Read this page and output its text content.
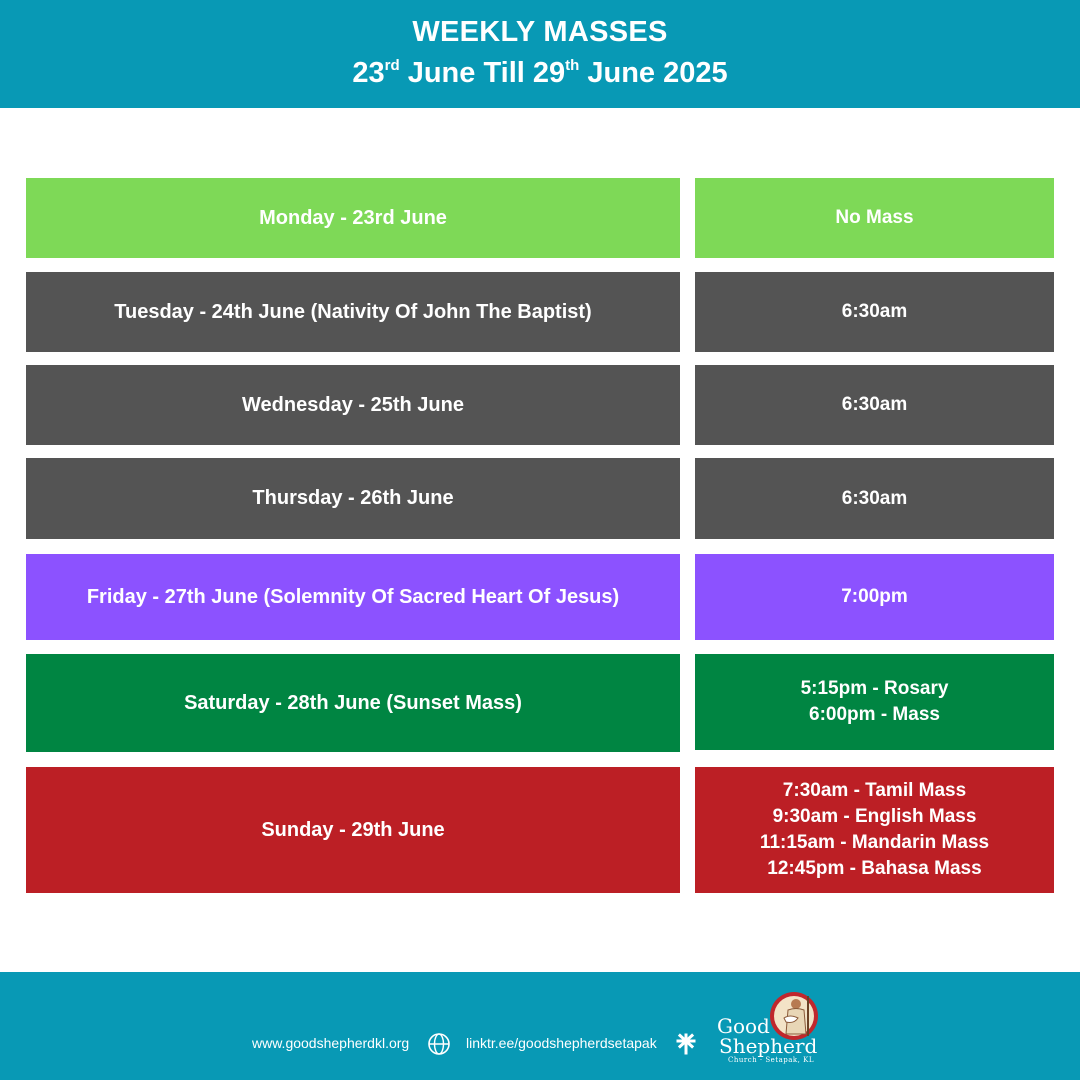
WEEKLY MASSES
23rd June Till 29th June 2025
Monday - 23rd June	No Mass
Tuesday - 24th June (Nativity Of John The Baptist)	6:30am
Wednesday - 25th June	6:30am
Thursday - 26th June	6:30am
Friday - 27th June (Solemnity Of Sacred Heart Of Jesus)	7:00pm
Saturday - 28th June (Sunset Mass)
5:15pm - Rosary
6:00pm - Mass
Sunday - 29th June
7:30am - Tamil Mass
9:30am - English Mass
11:15am - Mandarin Mass
12:45pm - Bahasa Mass
www.goodshepherdkl.org	linktr.ee/goodshepherdsetapak
Good
Shepherd
Church · Setapak, KL
